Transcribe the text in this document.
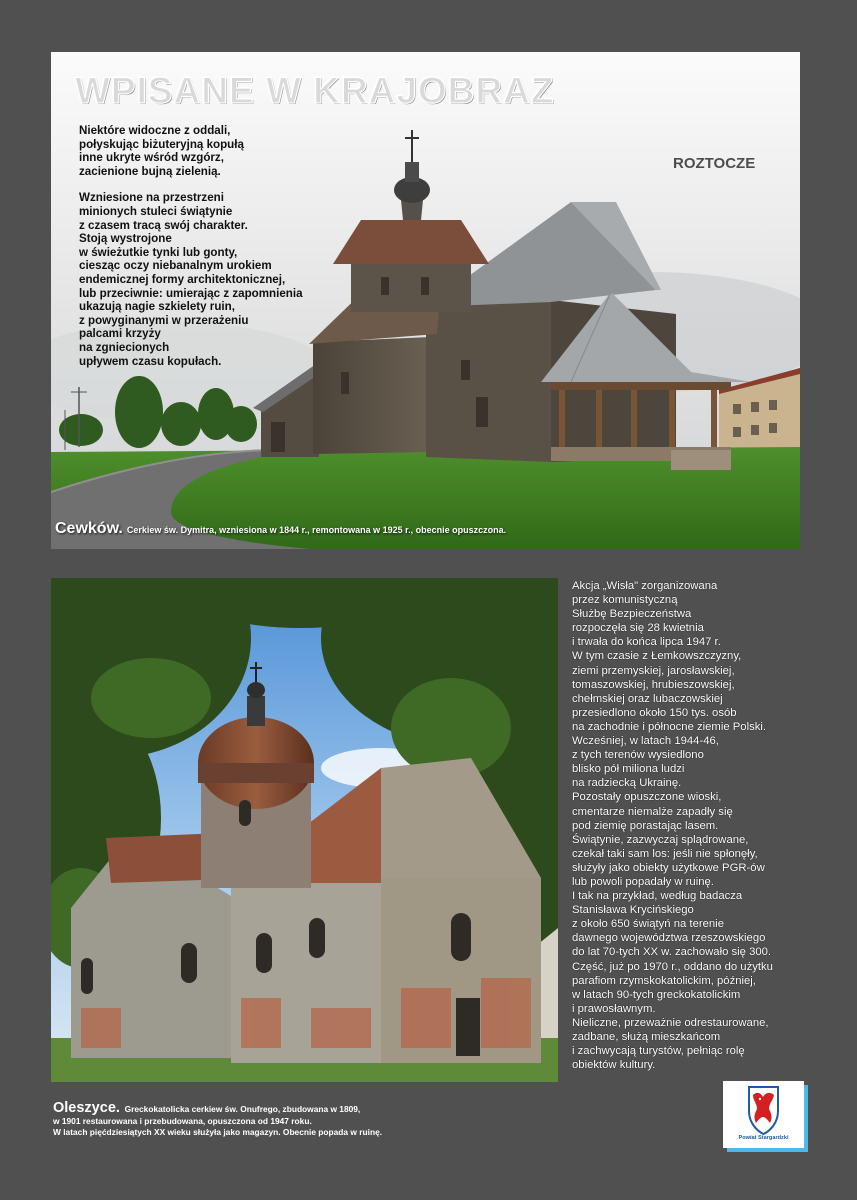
WPISANE W KRAJOBRAZ
ROZTOCZE

Niektóre widoczne z oddali,
połyskując biżuteryjną kopułą
inne ukryte wśród wzgórz,
zacienione bujną zielenią.

Wzniesione na przestrzeni
minionych stuleci świątynie
z czasem tracą swój charakter.
Stoją wystrojone
w świeżutkie tynki lub gonty,
ciesząc oczy niebanalnym urokiem
endemicznej formy architektonicznej,
lub przeciwnie: umierając z zapomnienia
ukazują nagie szkielety ruin,
z powyginanymi w przerażeniu
palcami krzyży
na zgniecionych
upływem czasu kopułach.

Cewków. Cerkiew św. Dymitra, wzniesiona w 1844 r., remontowana w 1925 r., obecnie opuszczona.
Akcja „Wisła" zorganizowana
przez komunistyczną
Służbę Bezpieczeństwa
rozpoczęła się 28 kwietnia
i trwała do końca lipca 1947 r.
W tym czasie z Łemkowszczyzny,
ziemi przemyskiej, jarosławskiej,
tomaszowskiej, hrubieszowskiej,
chełmskiej oraz lubaczowskiej
przesiedlono około 150 tys. osób
na zachodnie i północne ziemie Polski.
Wcześniej, w latach 1944-46,
z tych terenów wysiedlono
blisko pół miliona ludzi
na radziecką Ukrainę.
Pozostały opuszczone wioski,
cmentarze niemalże zapadły się
pod ziemię porastając lasem.
Świątynie, zazwyczaj splądrowane,
czekał taki sam los: jeśli nie spłonęły,
służyły jako obiekty użytkowe PGR-ów
lub powoli popadały w ruinę.
I tak na przykład, według badacza
Stanisława Krycińskiego
z około 650 świątyń na terenie
dawnego województwa rzeszowskiego
do lat 70-tych XX w. zachowało się 300.
Część, już po 1970 r., oddano do użytku
parafiom rzymskokatolickim, później,
w latach 90-tych greckokatolickim
i prawosławnym.
Nieliczne, przeważnie odrestaurowane,
zadbane, służą mieszkańcom
i zachwycają turystów, pełniąc rolę
obiektów kultury.
Oleszyce. Greckokatolicka cerkiew św. Onufrego, zbudowana w 1809,
w 1901 restaurowana i przebudowana, opuszczona od 1947 roku.
W latach pięćdziesiątych XX wieku służyła jako magazyn. Obecnie popada w ruinę.
Powiat Stargardzki
